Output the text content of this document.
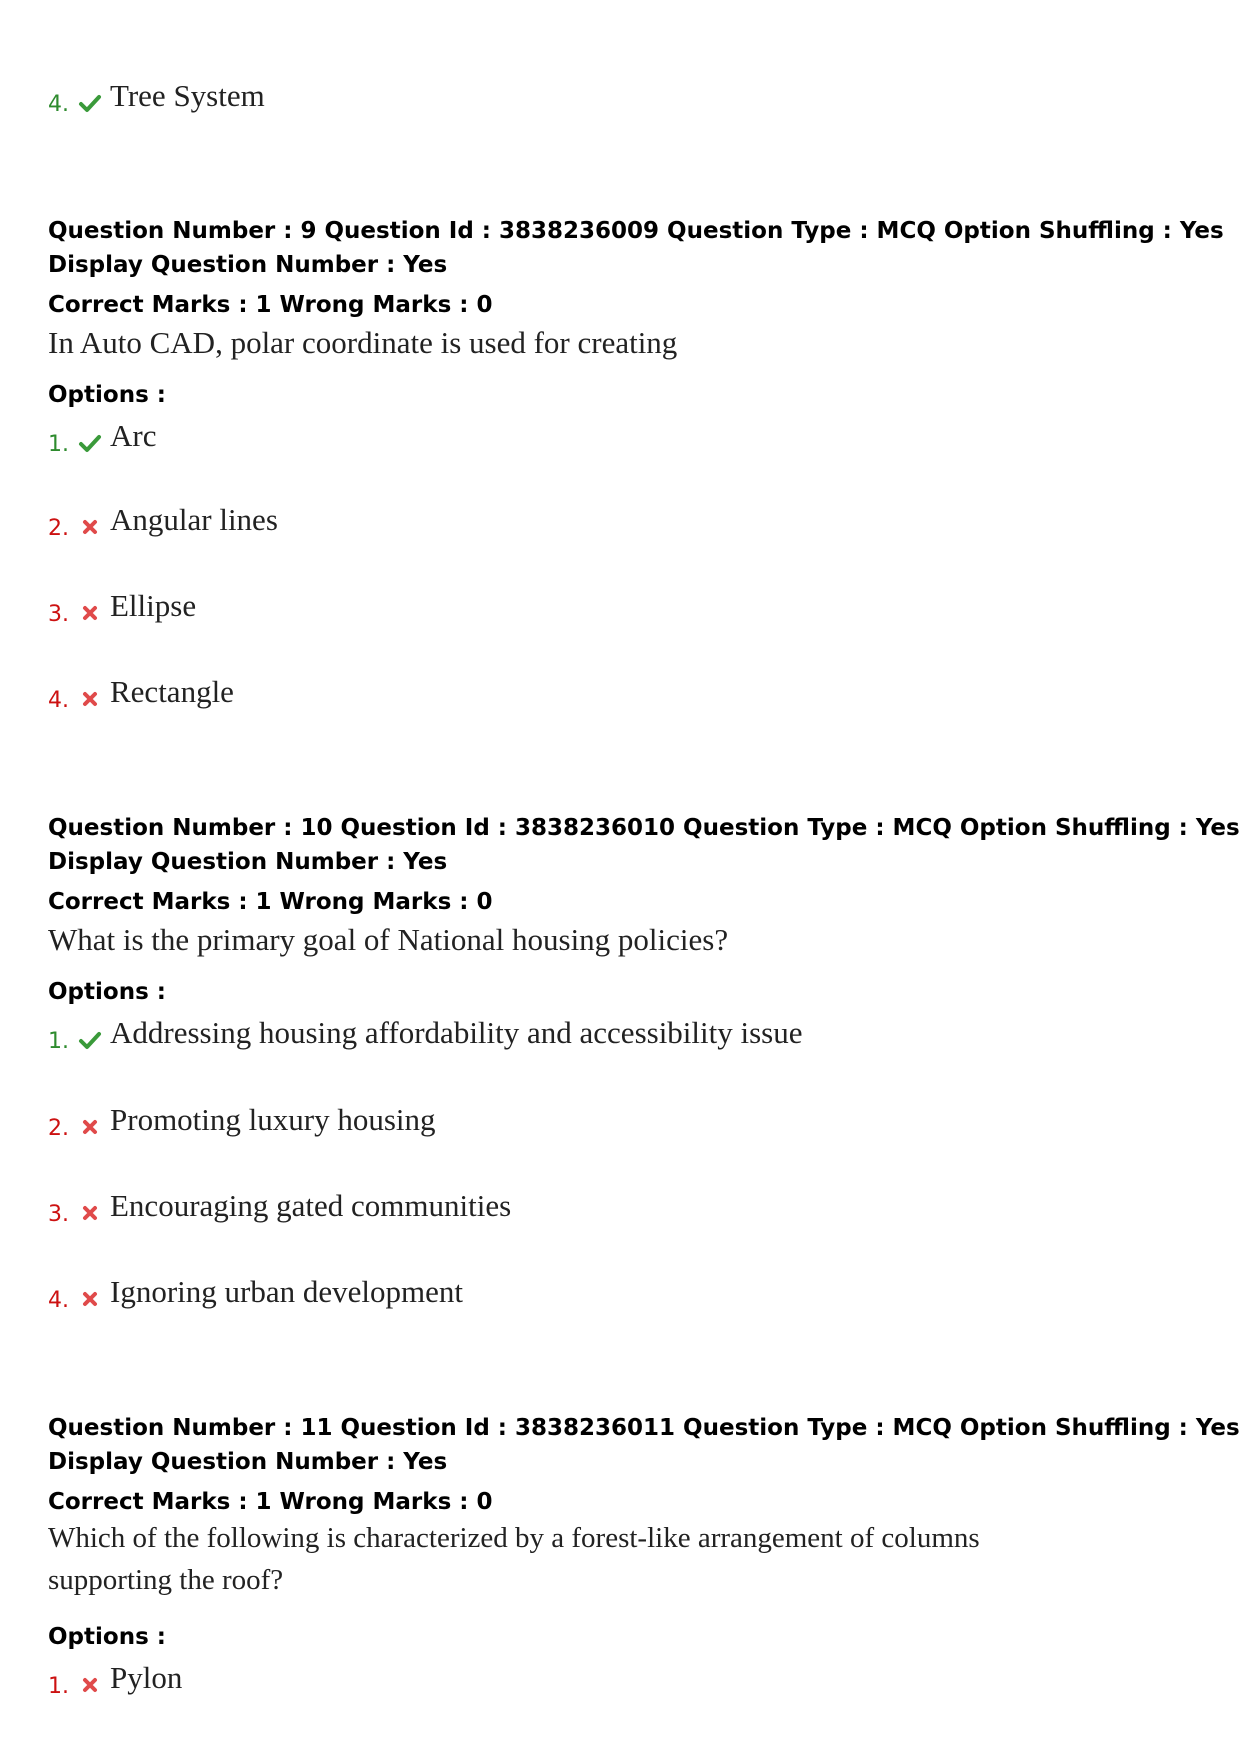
4. Tree System
Question Number : 9 Question Id : 3838236009 Question Type : MCQ Option Shuffling : Yes
Display Question Number : Yes
Correct Marks : 1 Wrong Marks : 0
In Auto CAD, polar coordinate is used for creating
Options :
1. Arc
2. Angular lines
3. Ellipse
4. Rectangle
Question Number : 10 Question Id : 3838236010 Question Type : MCQ Option Shuffling : Yes
Display Question Number : Yes
Correct Marks : 1 Wrong Marks : 0
What is the primary goal of National housing policies?
Options :
1. Addressing housing affordability and accessibility issue
2. Promoting luxury housing
3. Encouraging gated communities
4. Ignoring urban development
Question Number : 11 Question Id : 3838236011 Question Type : MCQ Option Shuffling : Yes
Display Question Number : Yes
Correct Marks : 1 Wrong Marks : 0
Which of the following is characterized by a forest-like arrangement of columns
supporting the roof?
Options :
1. Pylon
